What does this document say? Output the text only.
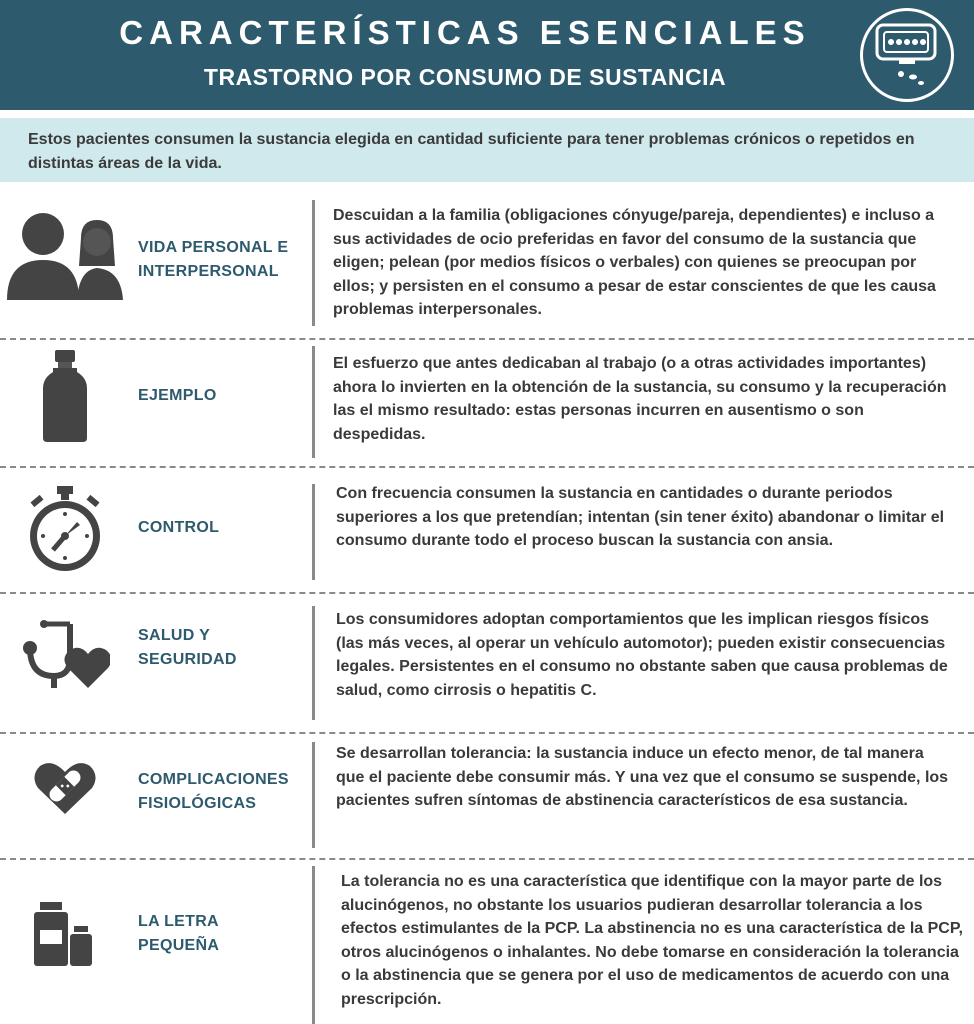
CARACTERÍSTICAS ESENCIALES
TRASTORNO POR CONSUMO DE SUSTANCIA
Estos pacientes consumen la sustancia elegida en cantidad suficiente para tener problemas crónicos o repetidos en distintas áreas de la vida.
VIDA PERSONAL E INTERPERSONAL
Descuidan a la familia (obligaciones cónyuge/pareja, dependientes) e incluso a sus actividades de ocio preferidas en favor del consumo de la sustancia que eligen; pelean (por medios físicos o verbales) con quienes se preocupan por ellos; y persisten en el consumo a pesar de estar conscientes de que les causa problemas interpersonales.
EJEMPLO
El esfuerzo que antes dedicaban al trabajo (o a otras actividades importantes) ahora lo invierten en la obtención de la sustancia, su consumo y la recuperación las el mismo resultado: estas personas incurren en ausentismo o son despedidas.
CONTROL
Con frecuencia consumen la sustancia en cantidades o durante periodos superiores a los que pretendían; intentan (sin tener éxito) abandonar o limitar el consumo durante todo el proceso buscan la sustancia con ansia.
SALUD Y SEGURIDAD
Los consumidores adoptan comportamientos que les implican riesgos físicos (las más veces, al operar un vehículo automotor); pueden existir consecuencias legales. Persistentes en el consumo no obstante saben que causa problemas de salud, como cirrosis o hepatitis C.
COMPLICACIONES FISIOLÓGICAS
Se desarrollan tolerancia: la sustancia induce un efecto menor, de tal manera que el paciente debe consumir más. Y una vez que el consumo se suspende, los pacientes sufren síntomas de abstinencia característicos de esa sustancia.
LA LETRA PEQUEÑA
La tolerancia no es una característica que identifique con la mayor parte de los alucinógenos, no obstante los usuarios pudieran desarrollar tolerancia a los efectos estimulantes de la PCP. La abstinencia no es una característica de la PCP, otros alucinógenos o inhalantes. No debe tomarse en consideración la tolerancia o la abstinencia que se genera por el uso de medicamentos de acuerdo con una prescripción.
